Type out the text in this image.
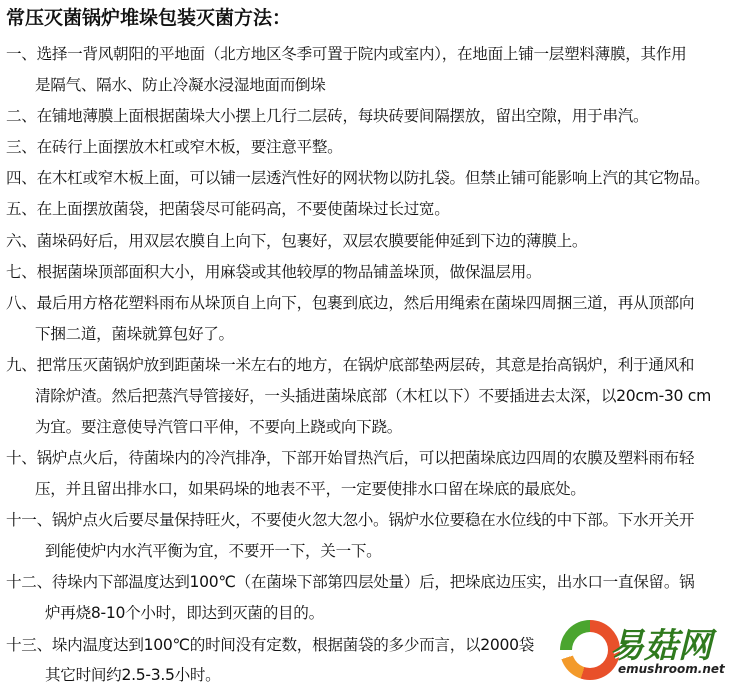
常压灭菌锅炉堆垛包装灭菌方法：
一、选择一背风朝阳的平地面（北方地区冬季可置于院内或室内），在地面上铺一层塑料薄膜，其作用
是隔气、隔水、防止冷凝水浸湿地面而倒垛
二、在铺地薄膜上面根据菌垛大小摆上几行二层砖，每块砖要间隔摆放，留出空隙，用于串汽。
三、在砖行上面摆放木杠或窄木板，要注意平整。
四、在木杠或窄木板上面，可以铺一层透汽性好的网状物以防扎袋。但禁止铺可能影响上汽的其它物品。
五、在上面摆放菌袋，把菌袋尽可能码高，不要使菌垛过长过宽。
六、菌垛码好后，用双层农膜自上向下，包裹好，双层农膜要能伸延到下边的薄膜上。
七、根据菌垛顶部面积大小，用麻袋或其他较厚的物品铺盖垛顶，做保温层用。
八、最后用方格花塑料雨布从垛顶自上向下，包裹到底边，然后用绳索在菌垛四周捆三道，再从顶部向
下捆二道，菌垛就算包好了。
九、把常压灭菌锅炉放到距菌垛一米左右的地方，在锅炉底部垫两层砖，其意是抬高锅炉，利于通风和
清除炉渣。然后把蒸汽导管接好，一头插进菌垛底部（木杠以下）不要插进去太深，以20cm-30 cm
为宜。要注意使导汽管口平伸，不要向上跷或向下跷。
十、锅炉点火后，待菌垛内的冷汽排净，下部开始冒热汽后，可以把菌垛底边四周的农膜及塑料雨布轻
压，并且留出排水口，如果码垛的地表不平，一定要使排水口留在垛底的最底处。
十一、锅炉点火后要尽量保持旺火，不要使火忽大忽小。锅炉水位要稳在水位线的中下部。下水开关开
到能使炉内水汽平衡为宜，不要开一下，关一下。
十二、待垛内下部温度达到100℃（在菌垛下部第四层处量）后，把垛底边压实，出水口一直保留。锅
炉再烧8-10个小时，即达到灭菌的目的。
十三、垛内温度达到100℃的时间没有定数，根据菌袋的多少而言，以2000袋
其它时间约2.5-3.5小时。
易菇网
emushroom.net
